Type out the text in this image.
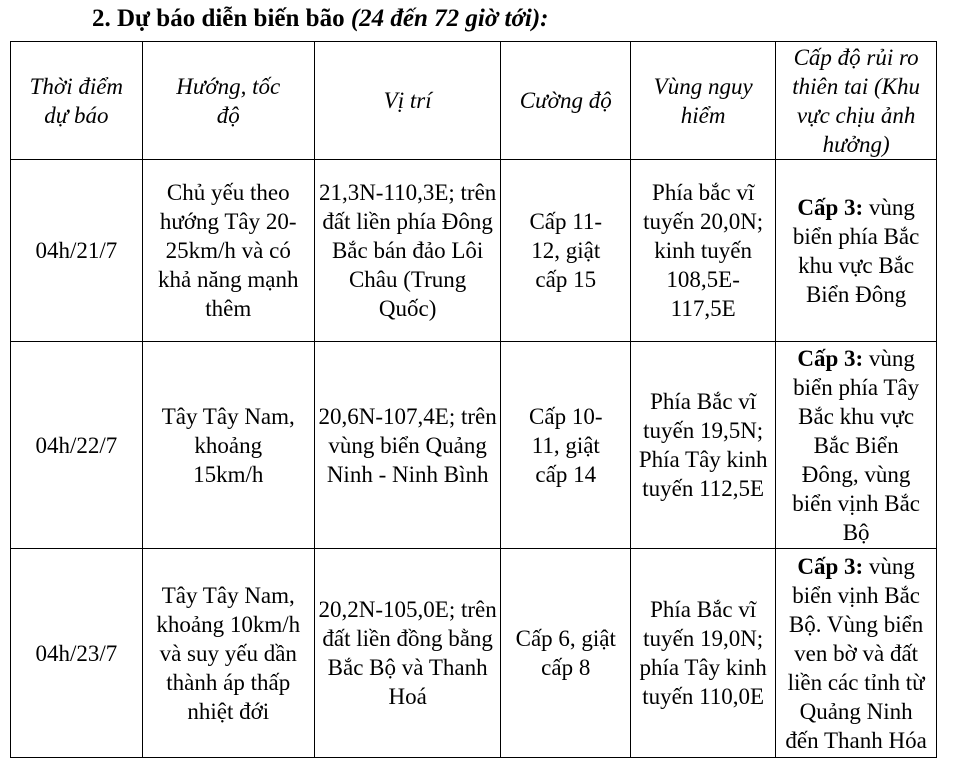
2. Dự báo diễn biến bão (24 đến 72 giờ tới):
Thời điểm dự báo	Hướng, tốc độ	Vị trí	Cường độ	Vùng nguy hiểm	Cấp độ rủi ro thiên tai (Khu vực chịu ảnh hưởng)

04h/21/7	Chủ yếu theo hướng Tây 20-25km/h và có khả năng mạnh thêm	21,3N-110,3E; trên đất liền phía Đông Bắc bán đảo Lôi Châu (Trung Quốc)	Cấp 11-12, giật cấp 15	Phía bắc vĩ tuyến 20,0N; kinh tuyến 108,5E-117,5E	Cấp 3: vùng biển phía Bắc khu vực Bắc Biển Đông

04h/22/7	Tây Tây Nam, khoảng 15km/h	20,6N-107,4E; trên vùng biển Quảng Ninh - Ninh Bình	Cấp 10-11, giật cấp 14	Phía Bắc vĩ tuyến 19,5N; Phía Tây kinh tuyến 112,5E	Cấp 3: vùng biển phía Tây Bắc khu vực Bắc Biển Đông, vùng biển vịnh Bắc Bộ

04h/23/7	Tây Tây Nam, khoảng 10km/h và suy yếu dần thành áp thấp nhiệt đới	20,2N-105,0E; trên đất liền đồng bằng Bắc Bộ và Thanh Hoá	Cấp 6, giật cấp 8	Phía Bắc vĩ tuyến 19,0N; phía Tây kinh tuyến 110,0E	Cấp 3: vùng biển vịnh Bắc Bộ. Vùng biển ven bờ và đất liền các tỉnh từ Quảng Ninh đến Thanh Hóa
